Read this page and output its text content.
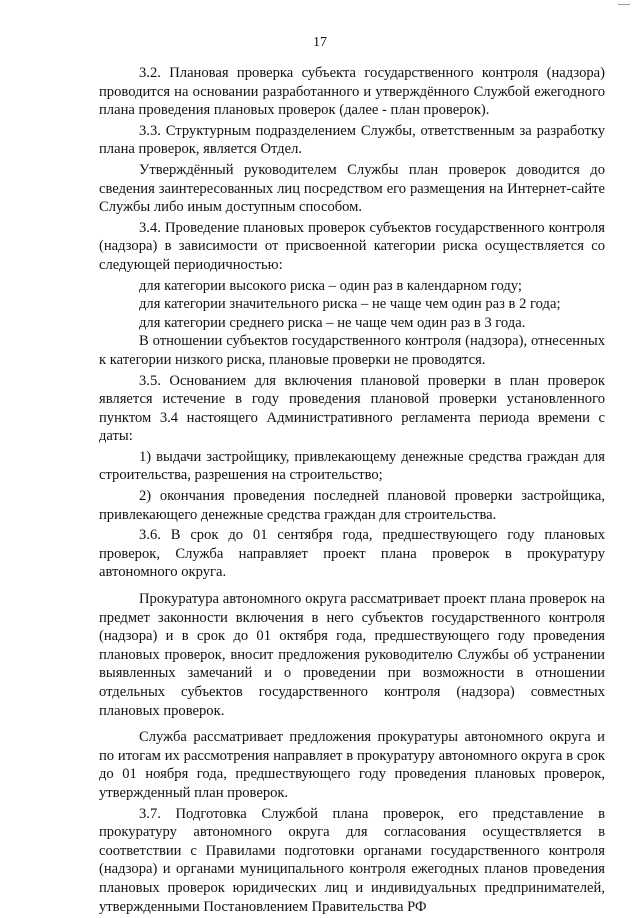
17

3.2. Плановая проверка субъекта государственного контроля (надзора) проводится на основании разработанного и утверждённого Службой ежегодного плана проведения плановых проверок (далее - план проверок).

3.3. Структурным подразделением Службы, ответственным за разработку плана проверок, является Отдел.

Утверждённый руководителем Службы план проверок доводится до сведения заинтересованных лиц посредством его размещения на Интернет-сайте Службы либо иным доступным способом.

3.4. Проведение плановых проверок субъектов государственного контроля (надзора) в зависимости от присвоенной категории риска осуществляется со следующей периодичностью:

для категории высокого риска – один раз в календарном году;

для категории значительного риска – не чаще чем один раз в 2 года;

для категории среднего риска – не чаще чем один раз в 3 года.

В отношении субъектов государственного контроля (надзора), отнесенных к категории низкого риска, плановые проверки не проводятся.

3.5. Основанием для включения плановой проверки в план проверок является истечение в году проведения плановой проверки установленного пунктом 3.4 настоящего Административного регламента периода времени с даты:

1) выдачи застройщику, привлекающему денежные средства граждан для строительства, разрешения на строительство;

2) окончания проведения последней плановой проверки застройщика, привлекающего денежные средства граждан для строительства.

3.6. В срок до 01 сентября года, предшествующего году плановых проверок, Служба направляет проект плана проверок в прокуратуру автономного округа.

Прокуратура автономного округа рассматривает проект плана проверок на предмет законности включения в него субъектов государственного контроля (надзора) и в срок до 01 октября года, предшествующего году проведения плановых проверок, вносит предложения руководителю Службы об устранении выявленных замечаний и о проведении при возможности в отношении отдельных субъектов государственного контроля (надзора) совместных плановых проверок.

Служба рассматривает предложения прокуратуры автономного округа и по итогам их рассмотрения направляет в прокуратуру автономного округа в срок до 01 ноября года, предшествующего году проведения плановых проверок, утвержденный план проверок.

3.7. Подготовка Службой плана проверок, его представление в прокуратуру автономного округа для согласования осуществляется в соответствии с Правилами подготовки органами государственного контроля (надзора) и органами муниципального контроля ежегодных планов проведения плановых проверок юридических лиц и индивидуальных предпринимателей, утвержденными Постановлением Правительства РФ
